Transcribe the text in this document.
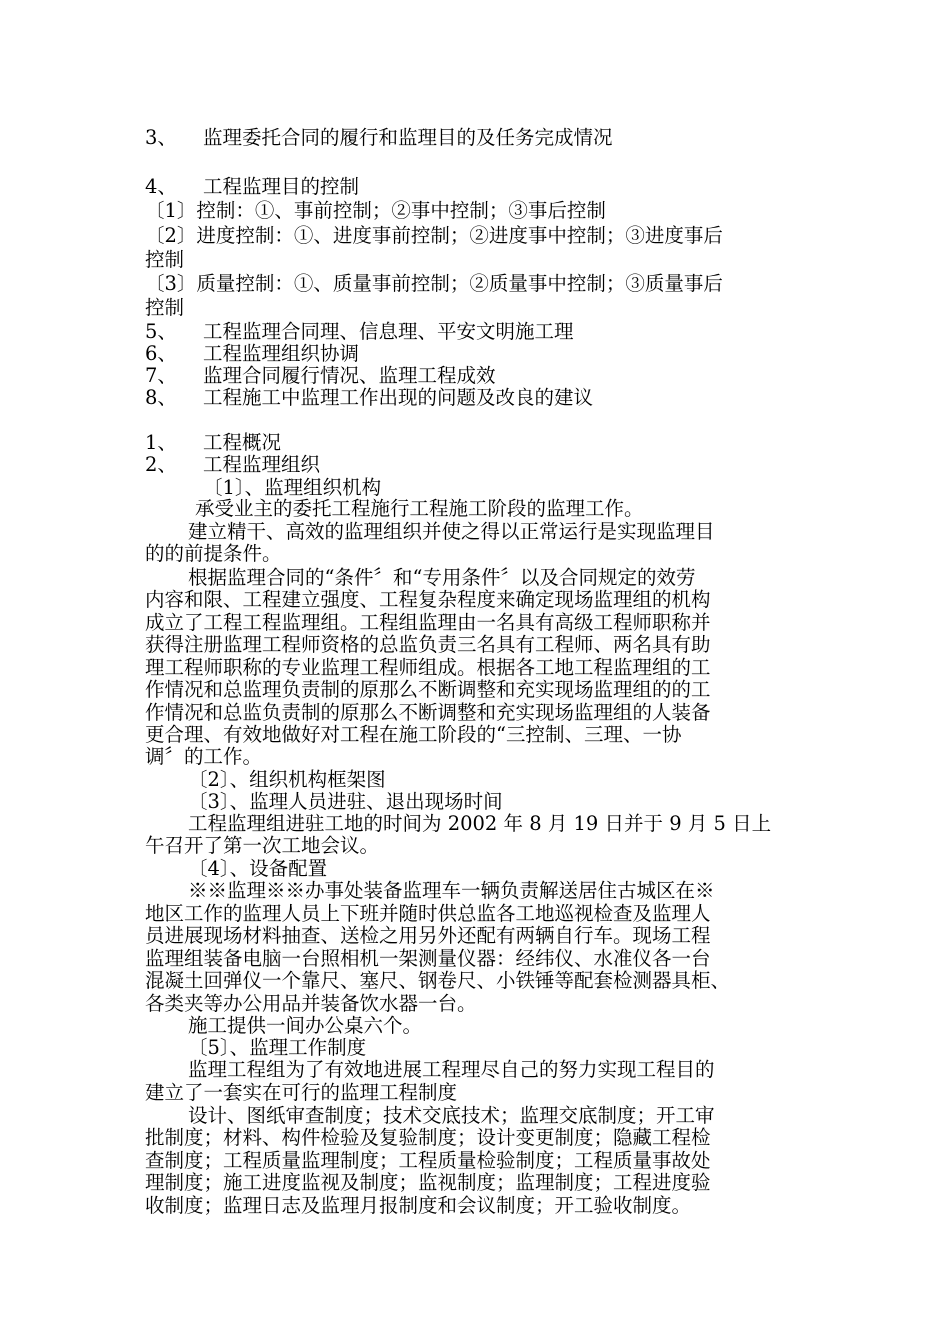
3、 监理委托合同的履行和监理目的及任务完成情况
4、 工程监理目的控制
〔1〕控制：①、事前控制；②事中控制；③事后控制
〔2〕进度控制：①、进度事前控制；②进度事中控制；③进度事后
控制
〔3〕质量控制：①、质量事前控制；②质量事中控制；③质量事后
控制
5、 工程监理合同理、信息理、平安文明施工理
6、 工程监理组织协调
7、 监理合同履行情况、监理工程成效
8、 工程施工中监理工作出现的问题及改良的建议
1、 工程概况
2、 工程监理组织
〔1〕、监理组织机构
承受业主的委托工程施行工程施工阶段的监理工作。
建立精干、高效的监理组织并使之得以正常运行是实现监理目
的的前提条件。
根据监理合同的“条件〞和“专用条件〞以及合同规定的效劳
内容和限、工程建立强度、工程复杂程度来确定现场监理组的机构
成立了工程工程监理组。工程组监理由一名具有高级工程师职称并
获得注册监理工程师资格的总监负责三名具有工程师、两名具有助
理工程师职称的专业监理工程师组成。根据各工地工程监理组的工
作情况和总监理负责制的原那么不断调整和充实现场监理组的的工
作情况和总监负责制的原那么不断调整和充实现场监理组的人装备
更合理、有效地做好对工程在施工阶段的“三控制、三理、一协
调〞的工作。
〔2〕、组织机构框架图
〔3〕、监理人员进驻、退出现场时间
工程监理组进驻工地的时间为 2002 年 8 月 19 日并于 9 月 5 日上
午召开了第一次工地会议。
〔4〕、设备配置
※※监理※※办事处装备监理车一辆负责解送居住古城区在※
地区工作的监理人员上下班并随时供总监各工地巡视检查及监理人
员进展现场材料抽查、送检之用另外还配有两辆自行车。现场工程
监理组装备电脑一台照相机一架测量仪器：经纬仪、水准仪各一台
混凝土回弹仪一个靠尺、塞尺、钢卷尺、小铁锤等配套检测器具柜、
各类夹等办公用品并装备饮水器一台。
施工提供一间办公桌六个。
〔5〕、监理工作制度
监理工程组为了有效地进展工程理尽自己的努力实现工程目的
建立了一套实在可行的监理工程制度
设计、图纸审查制度；技术交底技术；监理交底制度；开工审
批制度；材料、构件检验及复验制度；设计变更制度；隐藏工程检
查制度；工程质量监理制度；工程质量检验制度；工程质量事故处
理制度；施工进度监视及制度；监视制度；监理制度；工程进度验
收制度；监理日志及监理月报制度和会议制度；开工验收制度。
